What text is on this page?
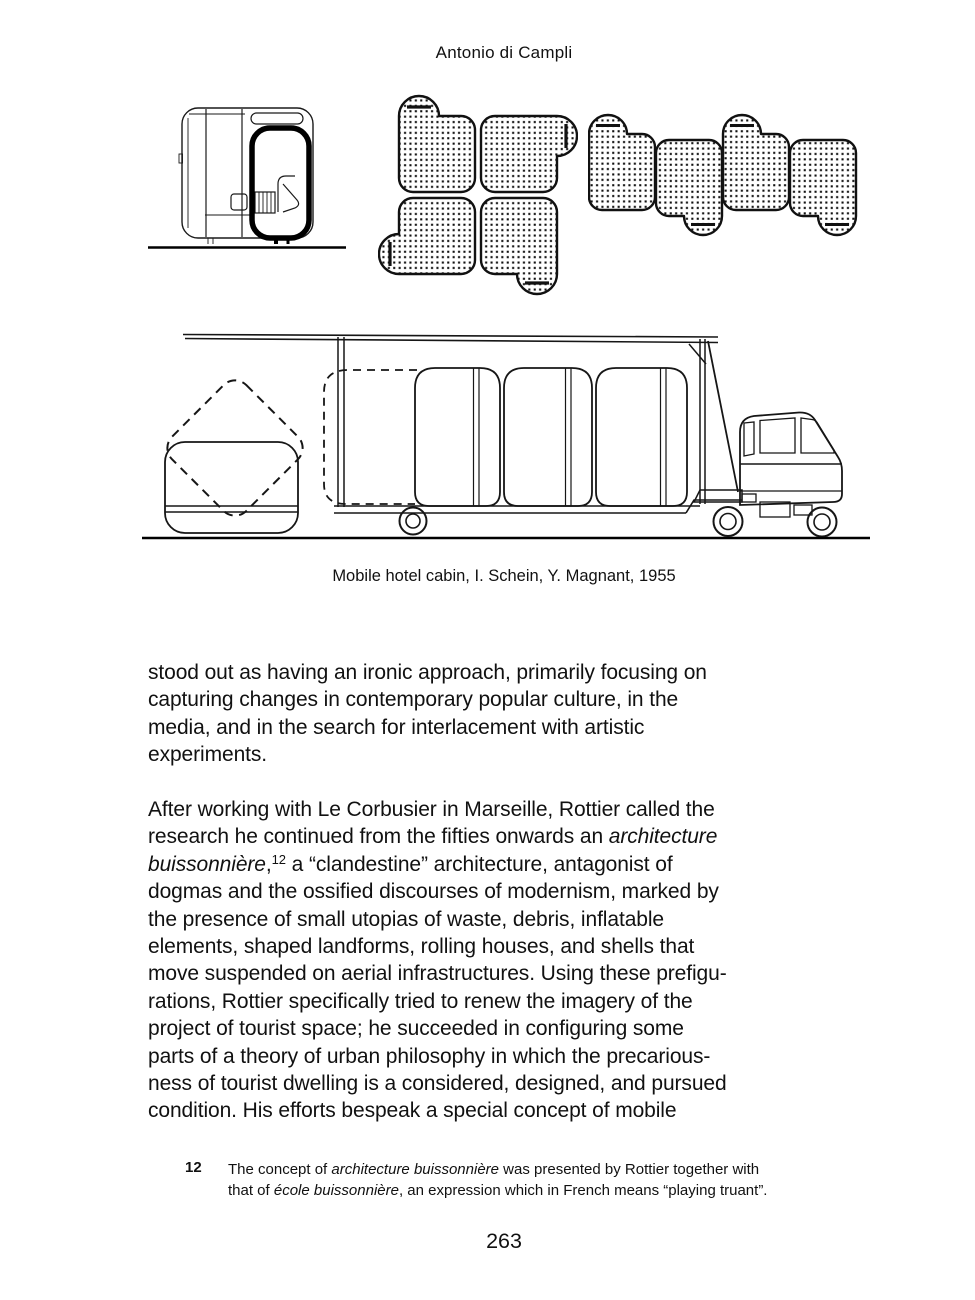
Antonio di Campli
Mobile hotel cabin, I. Schein, Y. Magnant, 1955
stood out as having an ironic approach, primarily focusing on
capturing changes in contemporary popular culture, in the
media, and in the search for interlacement with artistic
experiments.
After working with Le Corbusier in Marseille, Rottier called the
research he continued from the fifties onwards an architecture
buissonnière,$^{12}$ a “clandestine” architecture, antagonist of
dogmas and the ossified discourses of modernism, marked by
the presence of small utopias of waste, debris, inflatable
elements, shaped landforms, rolling houses, and shells that
move suspended on aerial infrastructures. Using these prefigu-
rations, Rottier specifically tried to renew the imagery of the
project of tourist space; he succeeded in configuring some
parts of a theory of urban philosophy in which the precarious-
ness of tourist dwelling is a considered, designed, and pursued
condition. His efforts bespeak a special concept of mobile
12 The concept of architecture buissonnière was presented by Rottier together with
that of école buissonnière, an expression which in French means “playing truant”.
263
